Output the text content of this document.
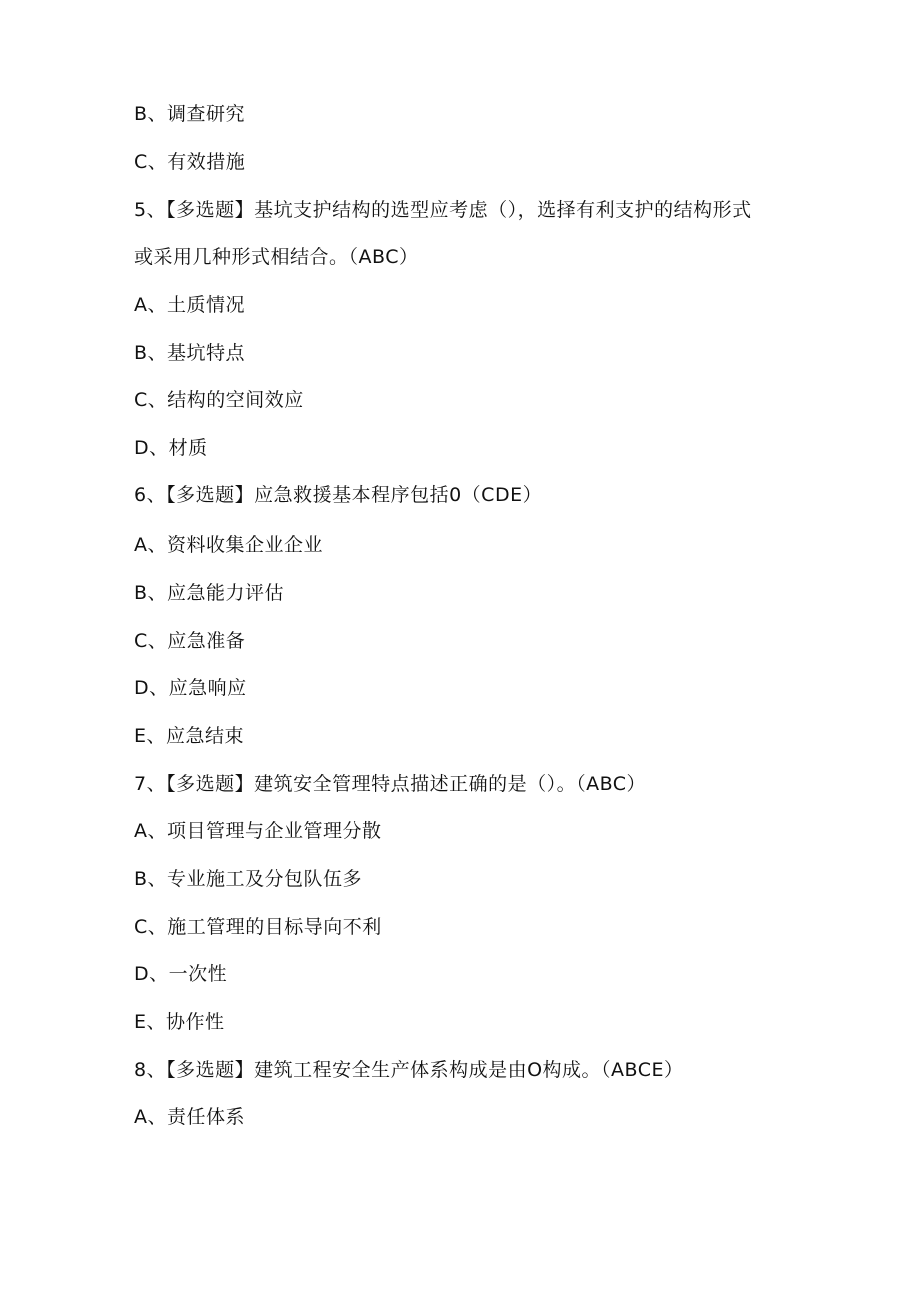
B、调查研究
C、有效措施
5、【多选题】基坑支护结构的选型应考虑（），选择有利支护的结构形式
或采用几种形式相结合。（ABC）
A、土质情况
B、基坑特点
C、结构的空间效应
D、材质
6、【多选题】应急救援基本程序包括0（CDE）
A、资料收集企业企业
B、应急能力评估
C、应急准备
D、应急响应
E、应急结束
7、【多选题】建筑安全管理特点描述正确的是（）。（ABC）
A、项目管理与企业管理分散
B、专业施工及分包队伍多
C、施工管理的目标导向不利
D、一次性
E、协作性
8、【多选题】建筑工程安全生产体系构成是由O构成。（ABCE）
A、责任体系
